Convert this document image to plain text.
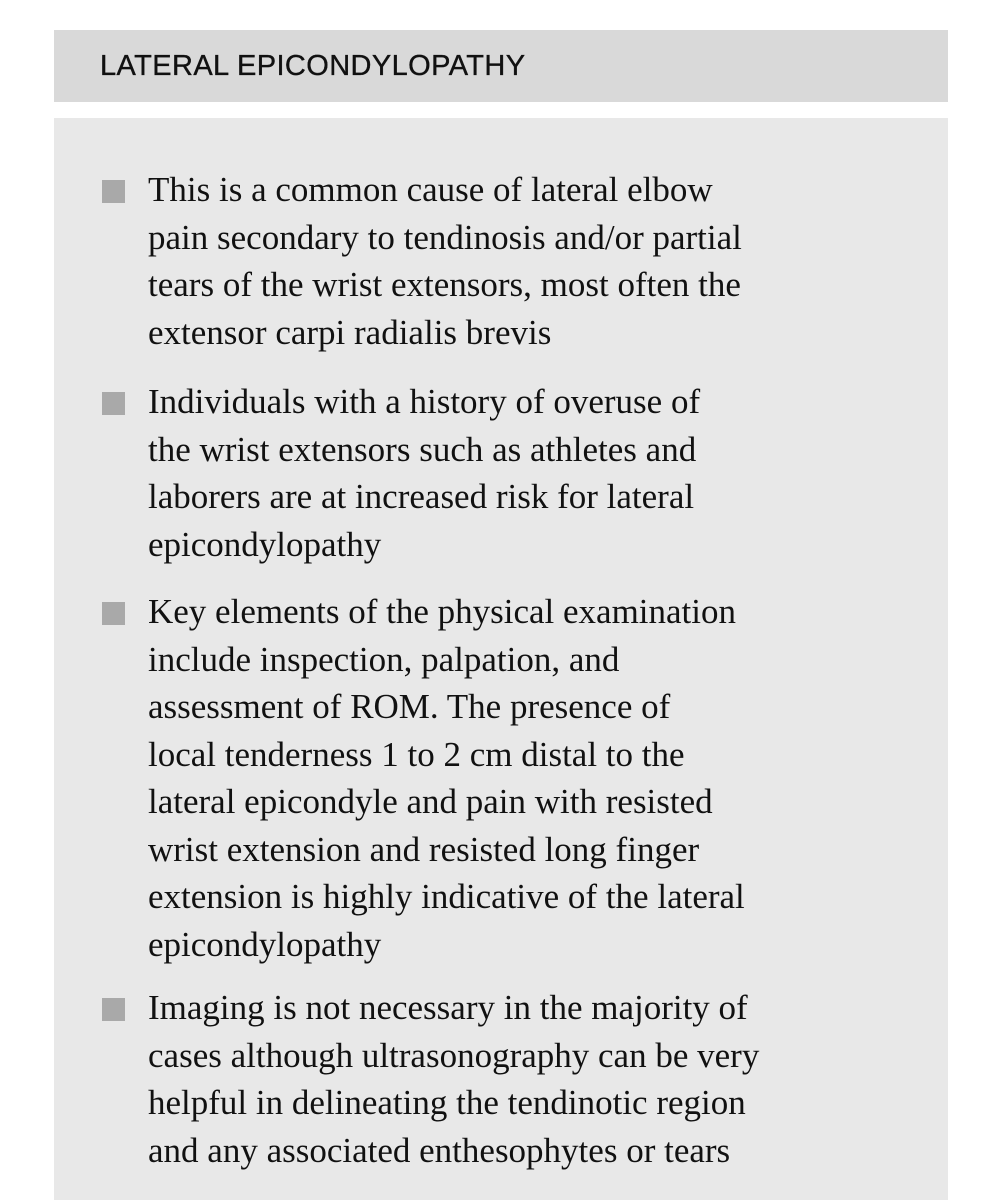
LATERAL EPICONDYLOPATHY
This is a common cause of lateral elbow
pain secondary to tendinosis and/or partial
tears of the wrist extensors, most often the
extensor carpi radialis brevis
Individuals with a history of overuse of
the wrist extensors such as athletes and
laborers are at increased risk for lateral
epicondylopathy
Key elements of the physical examination
include inspection, palpation, and
assessment of ROM. The presence of
local tenderness 1 to 2 cm distal to the
lateral epicondyle and pain with resisted
wrist extension and resisted long finger
extension is highly indicative of the lateral
epicondylopathy
Imaging is not necessary in the majority of
cases although ultrasonography can be very
helpful in delineating the tendinotic region
and any associated enthesophytes or tears
